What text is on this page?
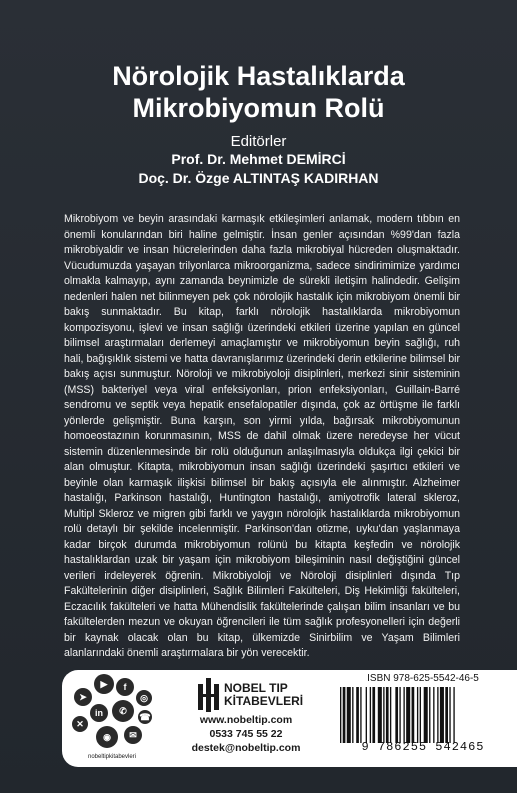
Nörolojik Hastalıklarda
Mikrobiyomun Rolü
Editörler
Prof. Dr. Mehmet DEMİRCİ
Doç. Dr. Özge ALTINTAŞ KADIRHAN

Mikrobiyom ve beyin arasındaki karmaşık etkileşimleri anlamak, modern tıbbın en önemli konularından biri haline gelmiştir. İnsan genler açısından %99'dan fazla mikrobiyaldir ve insan hücrelerinden daha fazla mikrobiyal hücreden oluşmaktadır. Vücudumuzda yaşayan trilyonlarca mikroorganizma, sadece sindirimimize yardımcı olmakla kalmayıp, aynı zamanda beynimizle de sürekli iletişim halindedir. Gelişim nedenleri halen net bilinmeyen pek çok nörolojik hastalık için mikrobiyom önemli bir bakış sunmaktadır. Bu kitap, farklı nörolojik hastalıklarda mikrobiyomun kompozisyonu, işlevi ve insan sağlığı üzerindeki etkileri üzerine yapılan en güncel bilimsel araştırmaları derlemeyi amaçlamıştır ve mikrobiyomun beyin sağlığı, ruh hali, bağışıklık sistemi ve hatta davranışlarımız üzerindeki derin etkilerine bilimsel bir bakış açısı sunmuştur. Nöroloji ve mikrobiyoloji disiplinleri, merkezi sinir sisteminin (MSS) bakteriyel veya viral enfeksiyonları, prion enfeksiyonları, Guillain-Barré sendromu ve septik veya hepatik ensefalopatiler dışında, çok az örtüşme ile farklı yönlerde gelişmiştir. Buna karşın, son yirmi yılda, bağırsak mikrobiyomunun homoeostazının korunmasının, MSS de dahil olmak üzere neredeyse her vücut sistemin düzenlenmesinde bir rolü olduğunun anlaşılmasıyla oldukça ilgi çekici bir alan olmuştur. Kitapta, mikrobiyomun insan sağlığı üzerindeki şaşırtıcı etkileri ve beyinle olan karmaşık ilişkisi bilimsel bir bakış açısıyla ele alınmıştır. Alzheimer hastalığı, Parkinson hastalığı, Huntington hastalığı, amiyotrofik lateral skleroz, Multipl Skleroz ve migren gibi farklı ve yaygın nörolojik hastalıklarda mikrobiyomun rolü detaylı bir şekilde incelenmiştir. Parkinson'dan otizme, uyku'dan yaşlanmaya kadar birçok durumda mikrobiyomun rolünü bu kitapta keşfedin ve nörolojik hastalıklardan uzak bir yaşam için mikrobiyom bileşiminin nasıl değiştiğini güncel verileri irdeleyerek öğrenin. Mikrobiyoloji ve Nöroloji disiplinleri dışında Tıp Fakültelerinin diğer disiplinleri, Sağlık Bilimleri Fakülteleri, Diş Hekimliği fakülteleri, Eczacılık fakülteleri ve hatta Mühendislik fakültelerinde çalışan bilim insanları ve bu fakültelerden mezun ve okuyan öğrencileri ile tüm sağlık profesyonelleri için değerli bir kaynak olacak olan bu kitap, ülkemizde Sinirbilim ve Yaşam Bilimleri alanlarındaki önemli araştırmalara bir yön verecektir.

▶	f
◎
✆
➤
in
✕
◉	✉
☎
nobeltipkitabevleri
NOBEL TIP
KİTABEVLERİ
www.nobeltip.com
0533 745 55 22
destek@nobeltip.com
ISBN 978-625-5542-46-5
9 786255 542465
